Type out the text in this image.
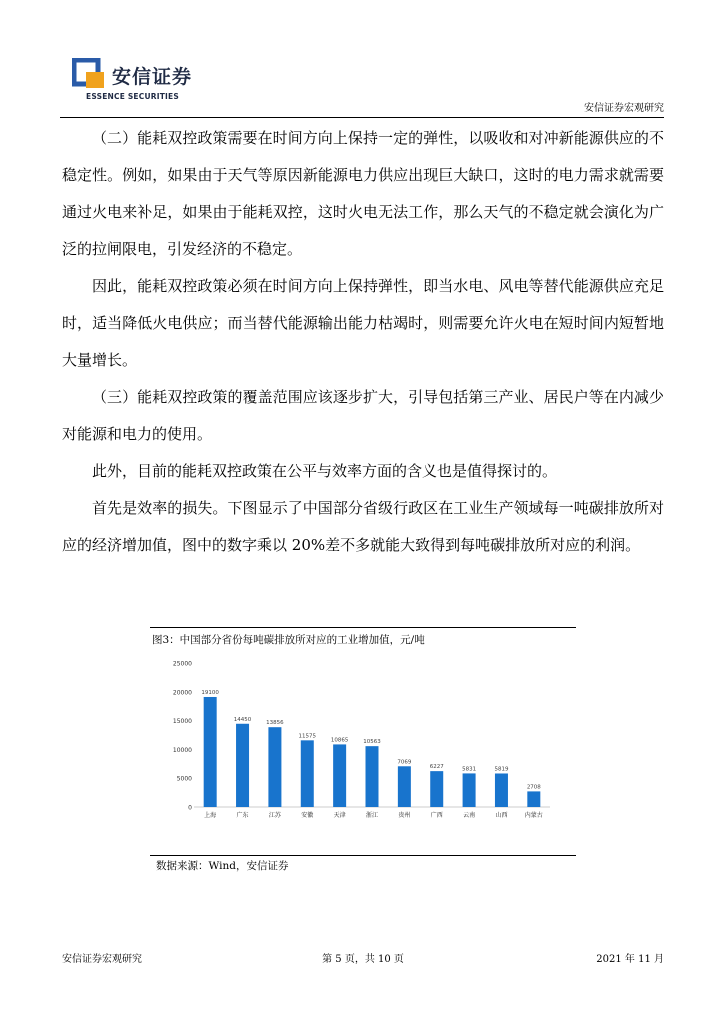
安信证券
ESSENCE SECURITIES
安信证券宏观研究

（二）能耗双控政策需要在时间方向上保持一定的弹性，以吸收和对冲新能源供应的不稳定性。例如，如果由于天气等原因新能源电力供应出现巨大缺口，这时的电力需求就需要通过火电来补足，如果由于能耗双控，这时火电无法工作，那么天气的不稳定就会演化为广泛的拉闸限电，引发经济的不稳定。

因此，能耗双控政策必须在时间方向上保持弹性，即当水电、风电等替代能源供应充足时，适当降低火电供应；而当替代能源输出能力枯竭时，则需要允许火电在短时间内短暂地大量增长。

（三）能耗双控政策的覆盖范围应该逐步扩大，引导包括第三产业、居民户等在内减少对能源和电力的使用。

此外，目前的能耗双控政策在公平与效率方面的含义也是值得探讨的。

首先是效率的损失。下图显示了中国部分省级行政区在工业生产领域每一吨碳排放所对应的经济增加值，图中的数字乘以 20%差不多就能大致得到每吨碳排放所对应的利润。

图3：中国部分省份每吨碳排放所对应的工业增加值，元/吨
0
5000
10000
15000
20000
25000
19100
上海
14450
广东
13856
江苏
11575
安徽
10865
天津
10563
浙江
7069
贵州
6227
广西
5831
云南
5819
山西
2708
内蒙古
数据来源：Wind，安信证券
安信证券宏观研究	第 5 页，共 10 页	2021 年 11 月
